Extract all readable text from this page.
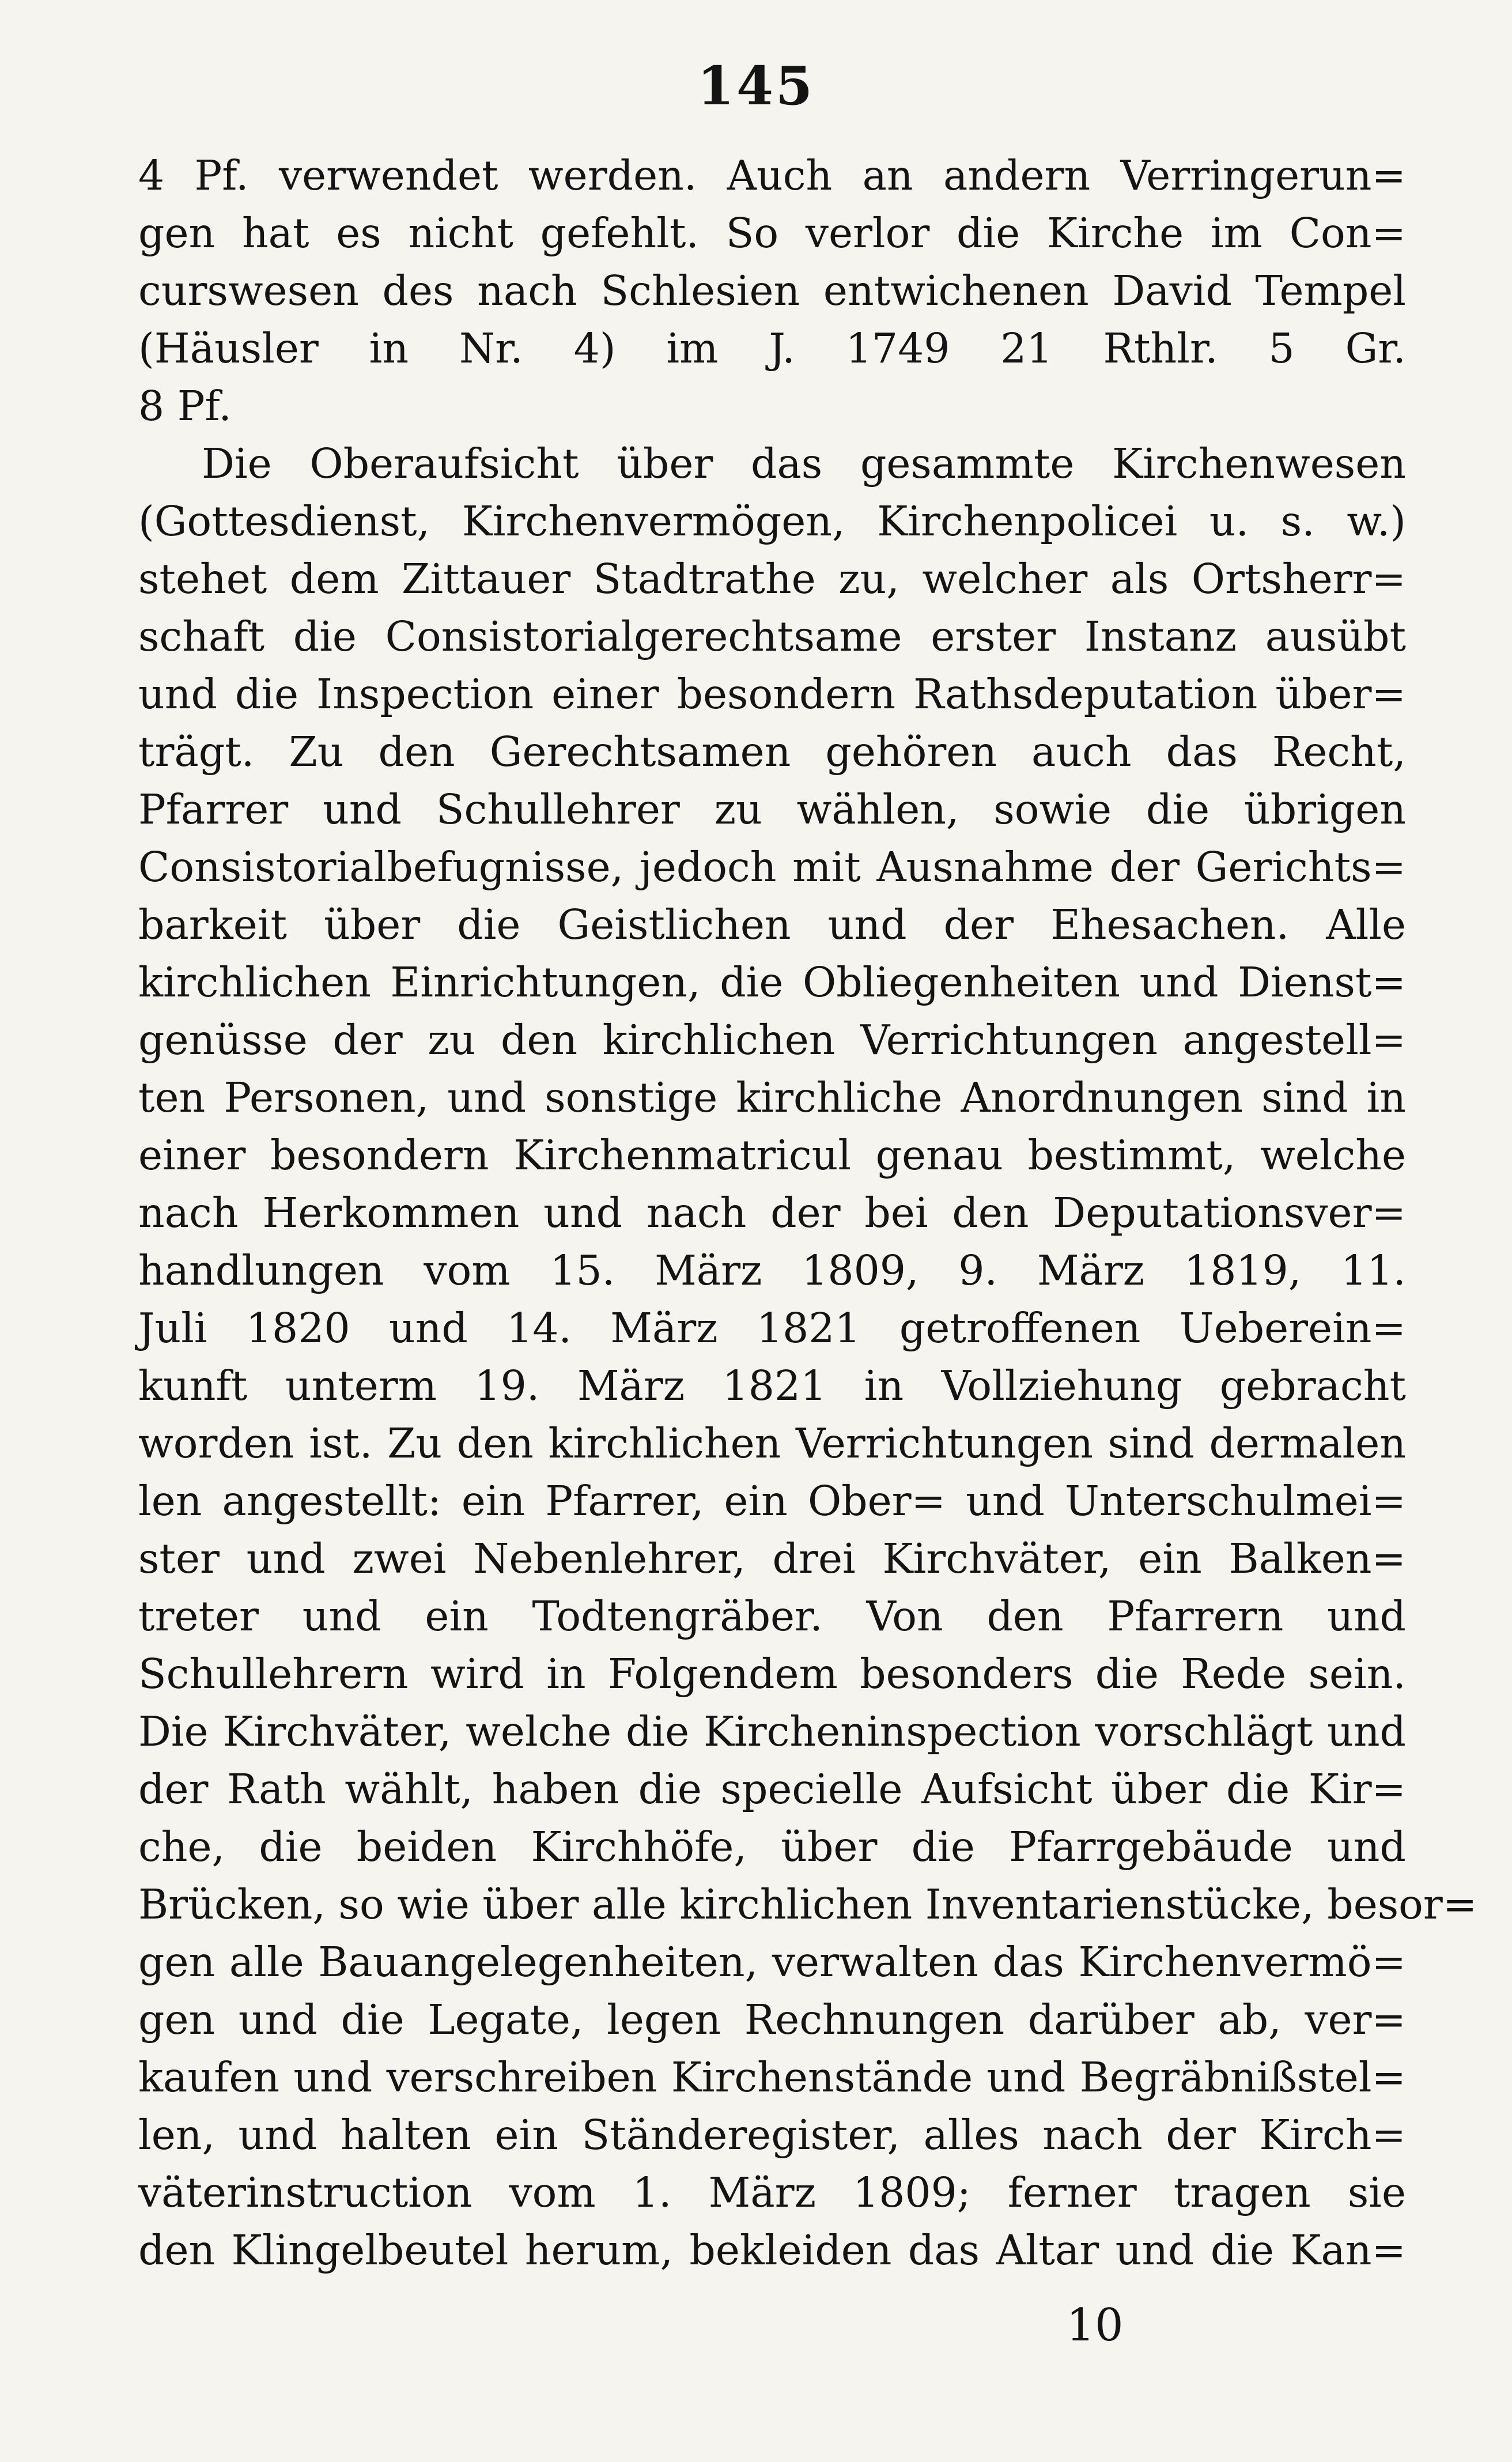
145
4 Pf. verwendet werden. Auch an andern Verringerun=
gen hat es nicht gefehlt. So verlor die Kirche im Con=
curswesen des nach Schlesien entwichenen David Tempel
(Häusler in Nr. 4) im J. 1749 21 Rthlr. 5 Gr.
8 Pf.
Die Oberaufsicht über das gesammte Kirchenwesen
(Gottesdienst, Kirchenvermögen, Kirchenpolicei u. s. w.)
stehet dem Zittauer Stadtrathe zu, welcher als Ortsherr=
schaft die Consistorialgerechtsame erster Instanz ausübt
und die Inspection einer besondern Rathsdeputation über=
trägt. Zu den Gerechtsamen gehören auch das Recht,
Pfarrer und Schullehrer zu wählen, sowie die übrigen
Consistorialbefugnisse, jedoch mit Ausnahme der Gerichts=
barkeit über die Geistlichen und der Ehesachen. Alle
kirchlichen Einrichtungen, die Obliegenheiten und Dienst=
genüsse der zu den kirchlichen Verrichtungen angestell=
ten Personen, und sonstige kirchliche Anordnungen sind in
einer besondern Kirchenmatricul genau bestimmt, welche
nach Herkommen und nach der bei den Deputationsver=
handlungen vom 15. März 1809, 9. März 1819, 11.
Juli 1820 und 14. März 1821 getroffenen Ueberein=
kunft unterm 19. März 1821 in Vollziehung gebracht
worden ist. Zu den kirchlichen Verrichtungen sind dermalen
len angestellt: ein Pfarrer, ein Ober= und Unterschulmei=
ster und zwei Nebenlehrer, drei Kirchväter, ein Balken=
treter und ein Todtengräber. Von den Pfarrern und
Schullehrern wird in Folgendem besonders die Rede sein.
Die Kirchväter, welche die Kircheninspection vorschlägt und
der Rath wählt, haben die specielle Aufsicht über die Kir=
che, die beiden Kirchhöfe, über die Pfarrgebäude und
Brücken, so wie über alle kirchlichen Inventarienstücke, besor=
gen alle Bauangelegenheiten, verwalten das Kirchenvermö=
gen und die Legate, legen Rechnungen darüber ab, ver=
kaufen und verschreiben Kirchenstände und Begräbnißstel=
len, und halten ein Ständeregister, alles nach der Kirch=
väterinstruction vom 1. März 1809; ferner tragen sie
den Klingelbeutel herum, bekleiden das Altar und die Kan=
10
